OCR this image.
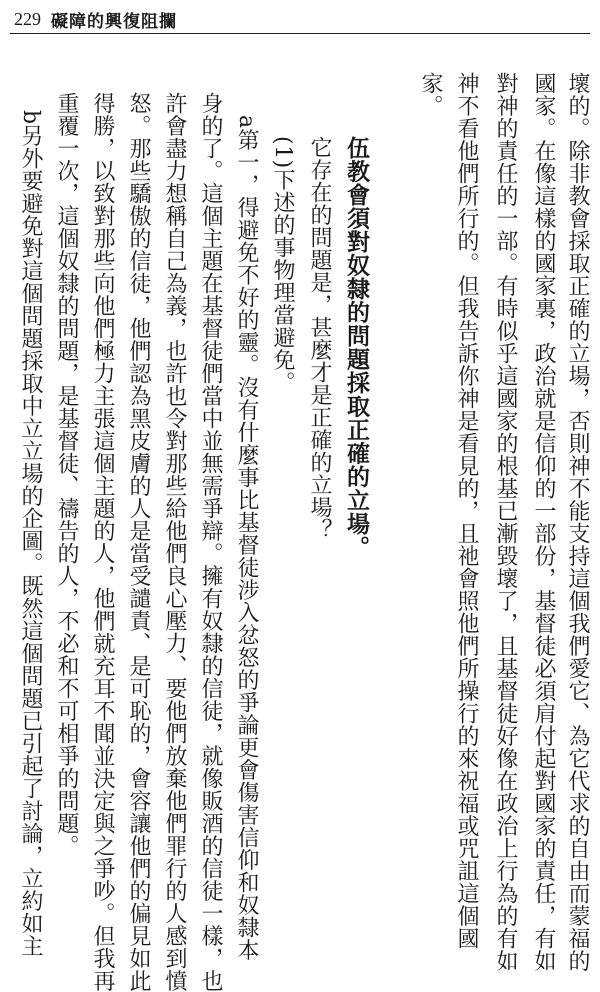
229 礙障的興復阻攔
壞的。除非教會採取正確的立場，否則神不能支持這個我們愛它、為它代求的自由而蒙福的
國家。在像這樣的國家裏，政治就是信仰的一部份，基督徒必須肩付起對國家的責任，有如
對神的責任的一部。有時似乎這國家的根基已漸毀壞了，且基督徒好像在政治上行為的有如
神不看他們所行的。但我告訴你神是看見的，且祂會照他們所操行的來祝福或咒詛這個國
家。
伍教會須對奴隸的問題採取正確的立場。
它存在的問題是，甚麼才是正確的立場？
(1)下述的事物理當避免。
a第一，得避免不好的靈。沒有什麼事比基督徒涉入忿怒的爭論更會傷害信仰和奴隸本
身的了。這個主題在基督徒們當中並無需爭辯。擁有奴隸的信徒，就像販酒的信徒一樣，也
許會盡力想稱自己為義，也許也令對那些給他們良心壓力、要他們放棄他們罪行的人感到憤
怒。那些驕傲的信徒，他們認為黑皮膚的人是當受譴責、是可恥的，會容讓他們的偏見如此
得勝，以致對那些向他們極力主張這個主題的人，他們就充耳不聞並決定與之爭吵。但我再
重覆一次，這個奴隸的問題，是基督徒、禱告的人，不必和不可相爭的問題。
b另外要避免對這個問題採取中立立場的企圖。既然這個問題已引起了討論，立約如主
